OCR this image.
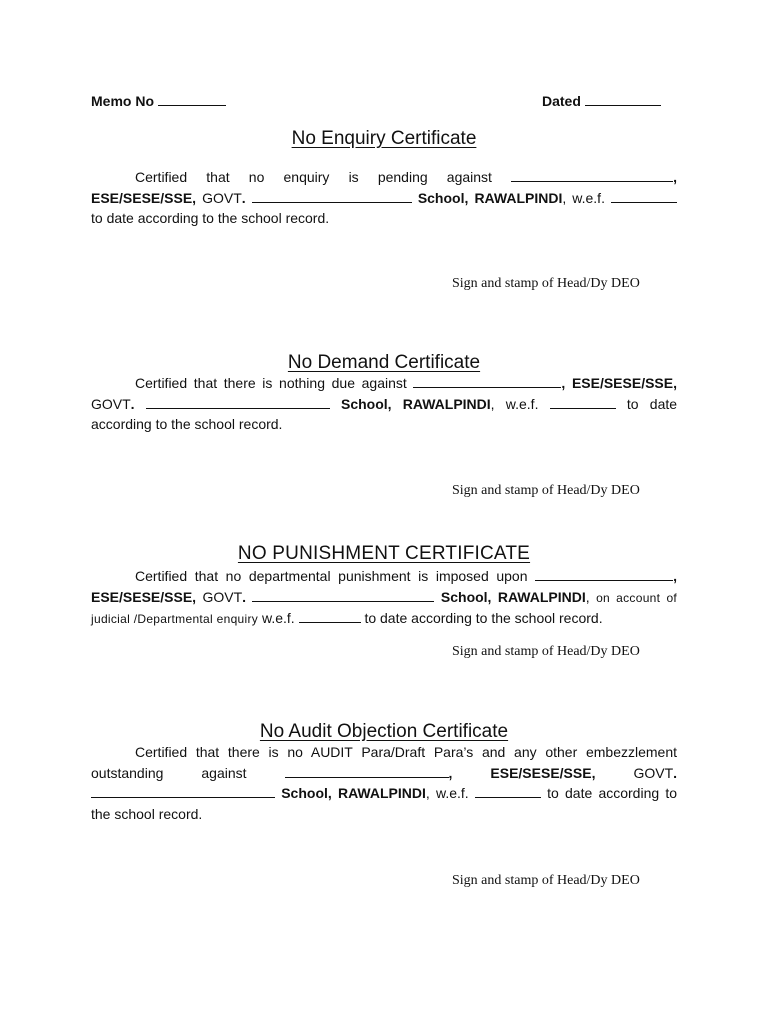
Memo No	Dated
No Enquiry Certificate
Certified that no enquiry is pending against	, ESE/SESE/SSE, GOVT.	School, RAWALPINDI, w.e.f.  to date according to the school record.
Sign and stamp of Head/Dy DEO
No Demand Certificate
Certified that there is nothing due against	, ESE/SESE/SSE, GOVT.	School, RAWALPINDI, w.e.f.	to date according to the school record.
Sign and stamp of Head/Dy DEO
NO PUNISHMENT CERTIFICATE
Certified that no departmental punishment is imposed upon	, ESE/SESE/SSE, GOVT.	School, RAWALPINDI, on account of judicial /Departmental enquiry w.e.f.	to date according to the school record.
Sign and stamp of Head/Dy DEO
No Audit Objection Certificate
Certified that there is no AUDIT Para/Draft Para’s and any other embezzlement outstanding	against	,	ESE/SESE/SSE,	GOVT.  School, RAWALPINDI, w.e.f.	to date according to the school record.
Sign and stamp of Head/Dy DEO
